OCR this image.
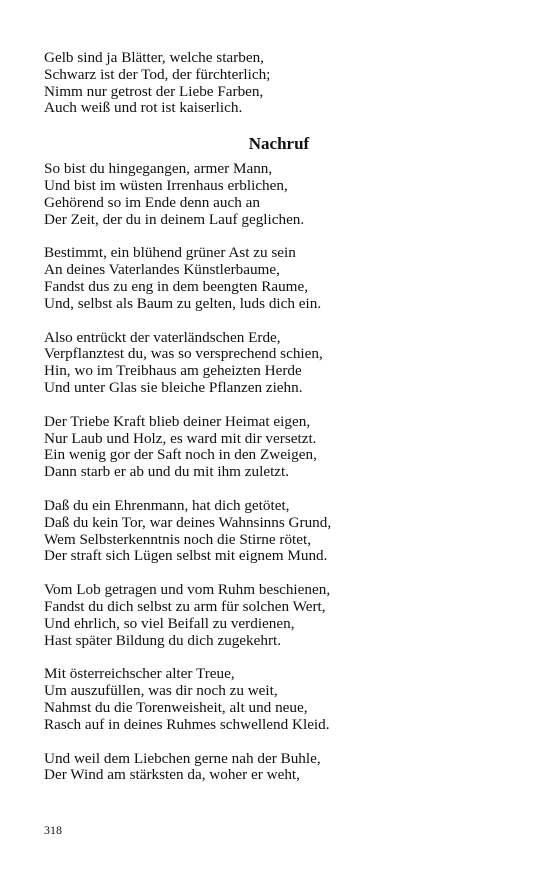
Gelb sind ja Blätter, welche starben,
Schwarz ist der Tod, der fürchterlich;
Nimm nur getrost der Liebe Farben,
Auch weiß und rot ist kaiserlich.
Nachruf
So bist du hingegangen, armer Mann,
Und bist im wüsten Irrenhaus erblichen,
Gehörend so im Ende denn auch an
Der Zeit, der du in deinem Lauf geglichen.
Bestimmt, ein blühend grüner Ast zu sein
An deines Vaterlandes Künstlerbaume,
Fandst dus zu eng in dem beengten Raume,
Und, selbst als Baum zu gelten, luds dich ein.
Also entrückt der vaterländschen Erde,
Verpflanztest du, was so versprechend schien,
Hin, wo im Treibhaus am geheizten Herde
Und unter Glas sie bleiche Pflanzen ziehn.
Der Triebe Kraft blieb deiner Heimat eigen,
Nur Laub und Holz, es ward mit dir versetzt.
Ein wenig gor der Saft noch in den Zweigen,
Dann starb er ab und du mit ihm zuletzt.
Daß du ein Ehrenmann, hat dich getötet,
Daß du kein Tor, war deines Wahnsinns Grund,
Wem Selbsterkenntnis noch die Stirne rötet,
Der straft sich Lügen selbst mit eignem Mund.
Vom Lob getragen und vom Ruhm beschienen,
Fandst du dich selbst zu arm für solchen Wert,
Und ehrlich, so viel Beifall zu verdienen,
Hast später Bildung du dich zugekehrt.
Mit österreichscher alter Treue,
Um auszufüllen, was dir noch zu weit,
Nahmst du die Torenweisheit, alt und neue,
Rasch auf in deines Ruhmes schwellend Kleid.
Und weil dem Liebchen gerne nah der Buhle,
Der Wind am stärksten da, woher er weht,
318
